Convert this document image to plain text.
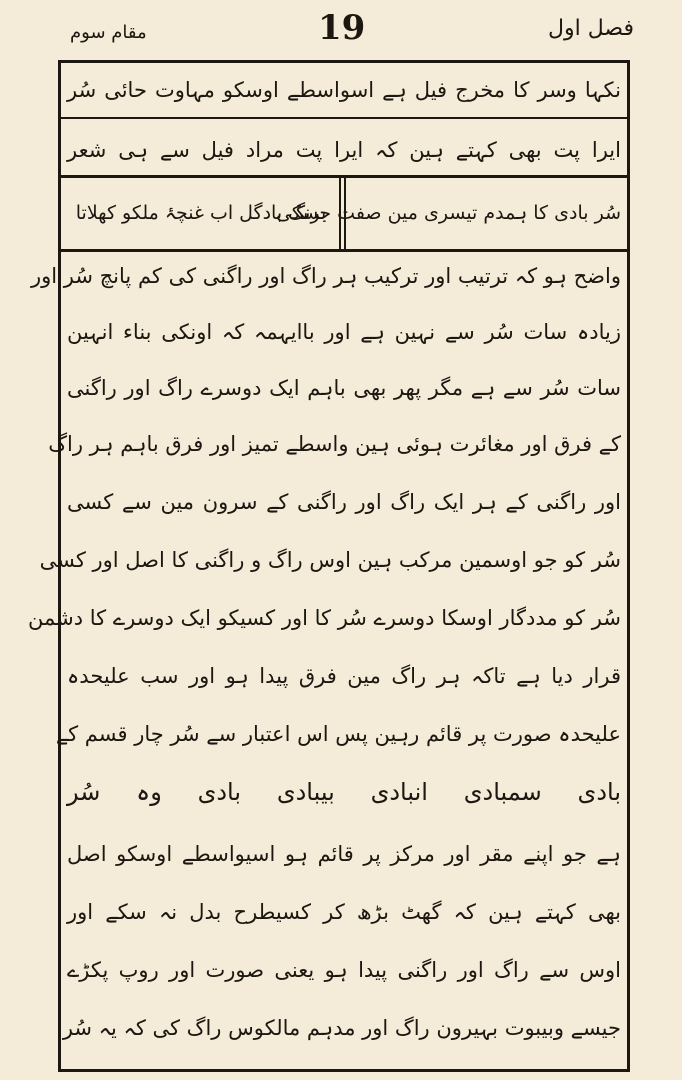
فصل اول
19
مقام سوم
نکہا وسر کا مخرج فیل ہے اسواسطے اوسکو مہاوت حائی سُر
ایرا پت بھی کہتے ہین کہ ایرا پت مراد فیل سے ہی شعر
سُر بادی کا ہمدم تیسری مین صفت جسکی
برنگ بادگل اب غنچۂ ملکو کھلاتا
واضح ہو کہ ترتیب اور ترکیب ہر راگ اور راگنی کی کم پانچ سُر اور
زیادہ سات سُر سے نہین ہے اور باایہمہ کہ اونکی بناء انہین
سات سُر سے ہے مگر پھر بھی باہم ایک دوسرے راگ اور راگنی
کے فرق اور مغائرت ہوئی ہین واسطے تمیز اور فرق باہم ہر راگ
اور راگنی کے ہر ایک راگ اور راگنی کے سرون مین سے کسی
سُر کو جو اوسمین مرکب ہین اوس راگ و راگنی کا اصل اور کسی
سُر کو مددگار اوسکا دوسرے سُر کا اور کسیکو ایک دوسرے کا دشمن
قرار دیا ہے تاکہ ہر راگ مین فرق پیدا ہو اور سب علیحدہ
علیحدہ صورت پر قائم رہین پس اس اعتبار سے سُر چار قسم کے
بادی سمبادی انبادی بیبادی بادی وہ سُر
ہے جو اپنے مقر اور مرکز پر قائم ہو اسیواسطے اوسکو اصل
بھی کہتے ہین کہ گھٹ بڑھ کر کسیطرح بدل نہ سکے اور
اوس سے راگ اور راگنی پیدا ہو یعنی صورت اور روپ پکڑے
جیسے وبیبوت بہیرون راگ اور مدہم مالکوس راگ کی کہ یہ سُر
